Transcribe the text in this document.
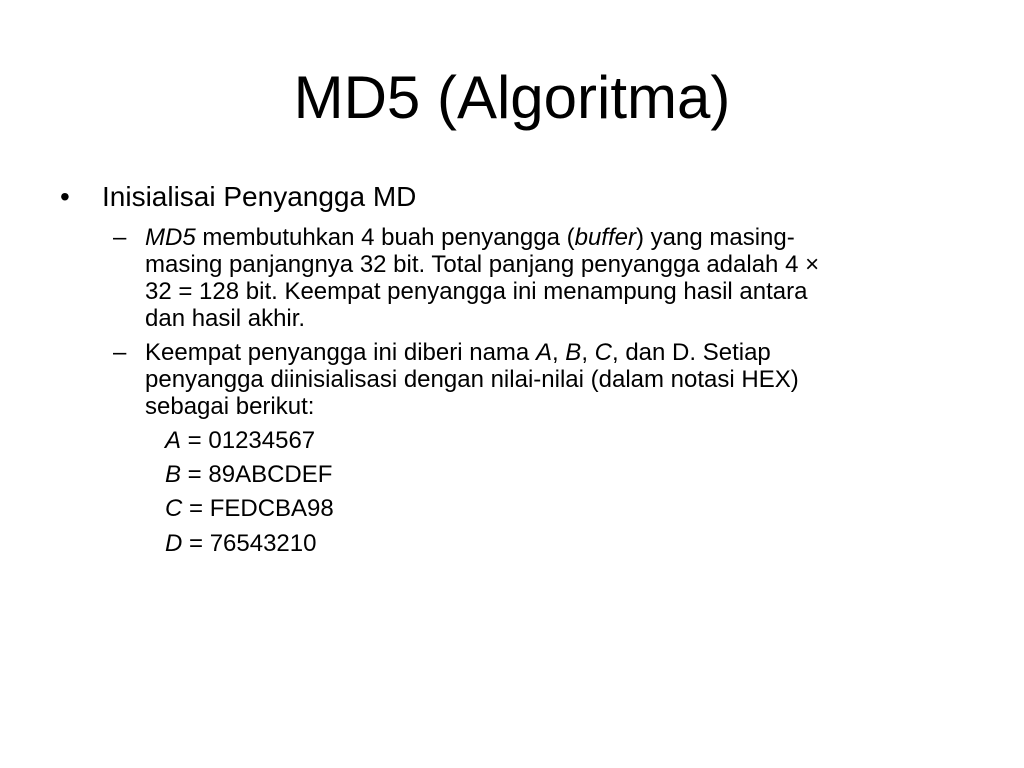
MD5 (Algoritma)
• Inisialisai Penyangga MD
– MD5 membutuhkan 4 buah penyangga (buffer) yang masing-
masing panjangnya 32 bit. Total panjang penyangga adalah 4 ×
32 = 128 bit. Keempat penyangga ini menampung hasil antara
dan hasil akhir.
– Keempat penyangga ini diberi nama A, B, C, dan D. Setiap
penyangga diinisialisasi dengan nilai-nilai (dalam notasi HEX)
sebagai berikut:
A = 01234567
B = 89ABCDEF
C = FEDCBA98
D = 76543210
